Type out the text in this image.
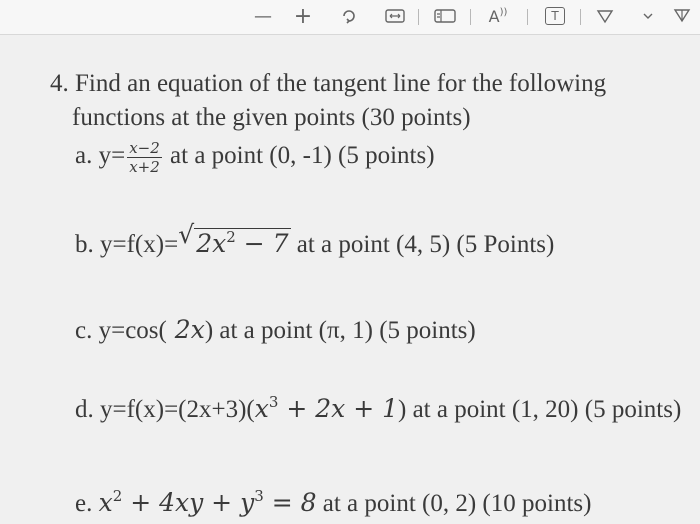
— +	A ))	T
4. Find an equation of the tangent line for the following
functions at the given points (30 points)
a. $y= \frac{x-2}{x+2}$ at a point (0, -1) (5 points)
b. y=f(x)= √ $2x^2 - 7$ at a point (4, 5) (5 Points)
c. y=cos( 2x) at a point (π, 1) (5 points)
d. $y=f(x)=(2x+3)(x^3 + 2x + 1)$ at a point (1, 20) (5 points)
e. $x^2 + 4xy + y^3 = 8$ at a point (0, 2) (10 points)
